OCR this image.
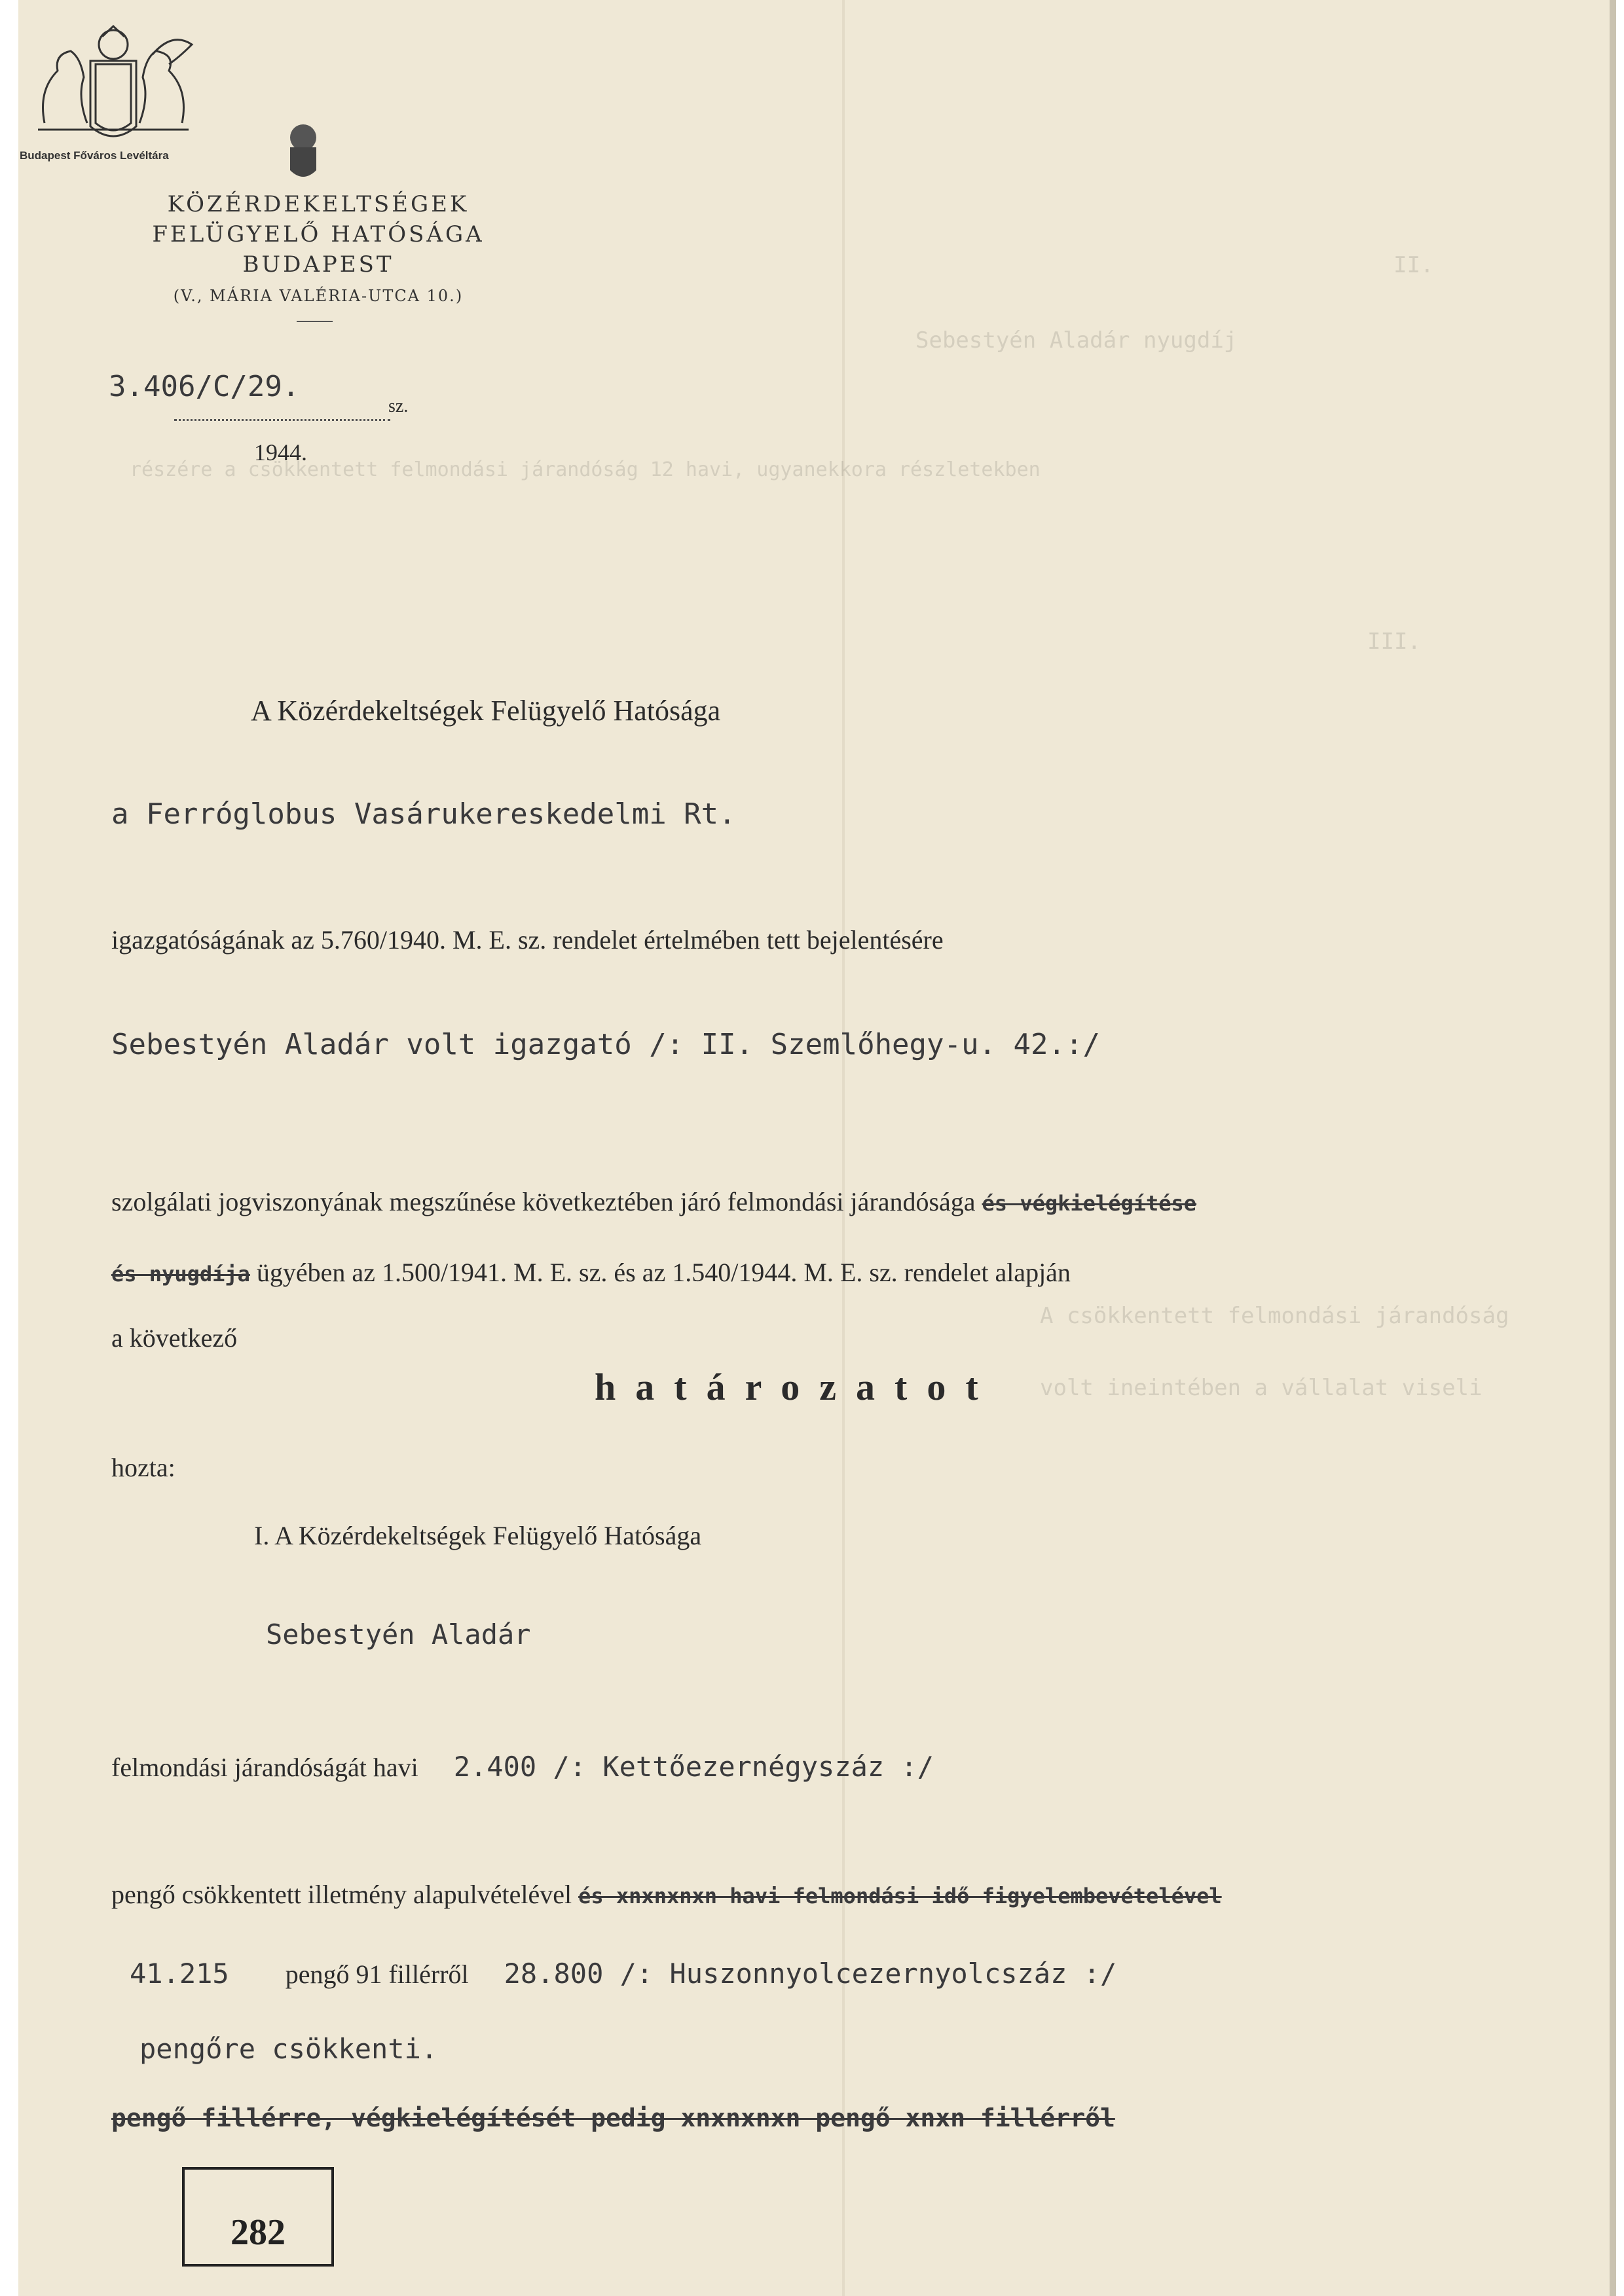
Sebestyén Aladár nyugdíj
részére a csökkentett felmondási járandóság 12 havi, ugyanekkora részletekben
III.
II.
A csökkentett felmondási járandóság
volt ineintében a vállalat viseli
Budapest Főváros Levéltára
KÖZÉRDEKELTSÉGEK
FELÜGYELŐ HATÓSÁGA
BUDAPEST
(V., MÁRIA VALÉRIA-UTCA 10.)
3.406/C/29.
sz.
1944.
A Közérdekeltségek Felügyelő Hatósága
a Ferróglobus Vasárukereskedelmi Rt.
igazgatóságának az 5.760/1940. M. E. sz. rendelet értelmében tett bejelentésére
Sebestyén Aladár volt igazgató /: II. Szemlőhegy-u. 42.:/
szolgálati jogviszonyának megszűnése következtében járó felmondási járandósága és végkielégítése
és nyugdíja ügyében az 1.500/1941. M. E. sz. és az 1.540/1944. M. E. sz. rendelet alapján
a következő
határozatot
hozta:
I. A Közérdekeltségek Felügyelő Hatósága
Sebestyén Aladár
felmondási járandóságát havi 2.400 /: Kettőezernégyszáz :/
pengő csökkentett illetmény alapulvételével és xnxnxnxn havi felmondási idő figyelembevételével
41.215 pengő 91 fillérről 28.800 /: Huszonnyolcezernyolcszáz :/
pengőre csökkenti.
pengő fillérre, végkielégítését pedig xnxnxnxn pengő xnxn fillérről
282
